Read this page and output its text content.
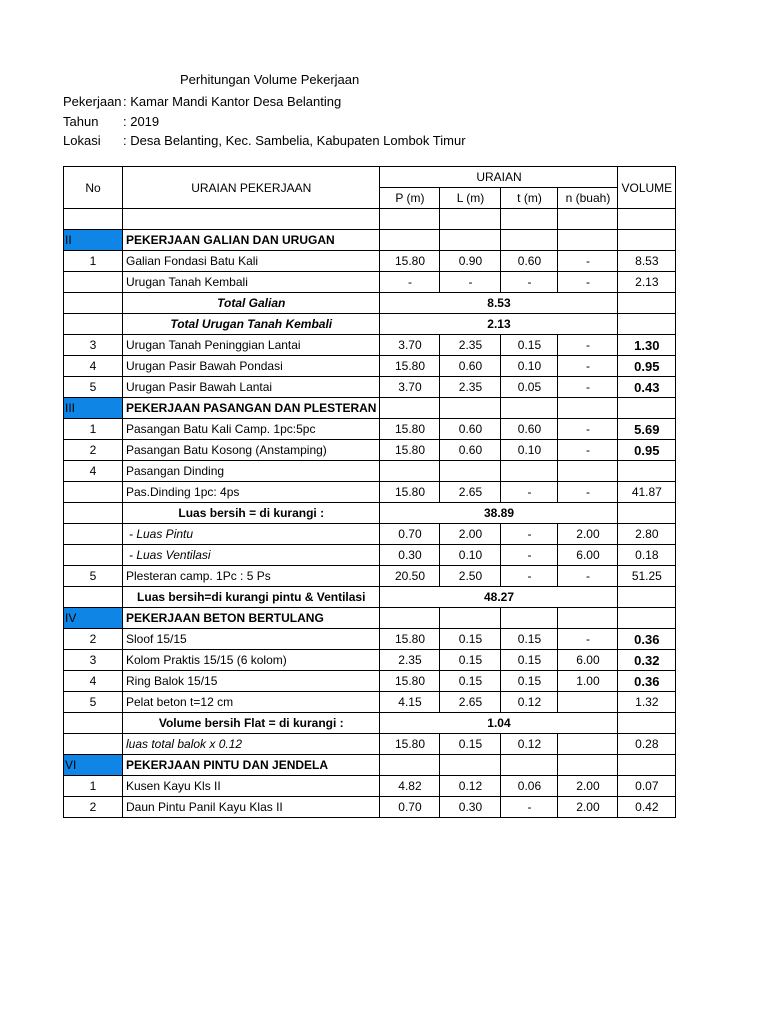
Perhitungan Volume Pekerjaan
Pekerjaan: Kamar Mandi Kantor Desa Belanting
Tahun : 2019
Lokasi : Desa Belanting, Kec. Sambelia, Kabupaten Lombok Timur
No	URAIAN PEKERJAAN	URAIAN				VOLUME
		P (m)	L (m)	t (m)	n (buah)	

II	PEKERJAAN GALIAN DAN URUGAN					
1	Galian Fondasi Batu Kali	15.80	0.90	0.60	-	8.53
	Urugan Tanah Kembali	-	-	-	-	2.13
	Total Galian	8.53				
	Total Urugan Tanah Kembali	2.13				
3	Urugan Tanah Peninggian Lantai	3.70	2.35	0.15	-	1.30
4	Urugan Pasir Bawah Pondasi	15.80	0.60	0.10	-	0.95
5	Urugan Pasir Bawah Lantai	3.70	2.35	0.05	-	0.43
III	PEKERJAAN PASANGAN DAN PLESTERAN					
1	Pasangan Batu Kali Camp. 1pc:5pc	15.80	0.60	0.60	-	5.69
2	Pasangan Batu Kosong (Anstamping)	15.80	0.60	0.10	-	0.95
4	Pasangan Dinding					
	Pas.Dinding 1pc: 4ps	15.80	2.65	-	-	41.87
	Luas bersih = di kurangi :	38.89				
	- Luas Pintu	0.70	2.00	-	2.00	2.80
	- Luas Ventilasi	0.30	0.10	-	6.00	0.18
5	Plesteran camp. 1Pc : 5 Ps	20.50	2.50	-	-	51.25
	Luas bersih=di kurangi pintu & Ventilasi	48.27				
IV	PEKERJAAN BETON BERTULANG					
2	Sloof 15/15	15.80	0.15	0.15	-	0.36
3	Kolom Praktis 15/15 (6 kolom)	2.35	0.15	0.15	6.00	0.32
4	Ring Balok 15/15	15.80	0.15	0.15	1.00	0.36
5	Pelat beton t=12 cm	4.15	2.65	0.12		1.32
	Volume bersih Flat = di kurangi :	1.04				
	luas total balok x 0.12	15.80	0.15	0.12		0.28
VI	PEKERJAAN PINTU DAN JENDELA					
1	Kusen Kayu Kls II	4.82	0.12	0.06	2.00	0.07
2	Daun Pintu Panil Kayu Klas II	0.70	0.30	-	2.00	0.42
